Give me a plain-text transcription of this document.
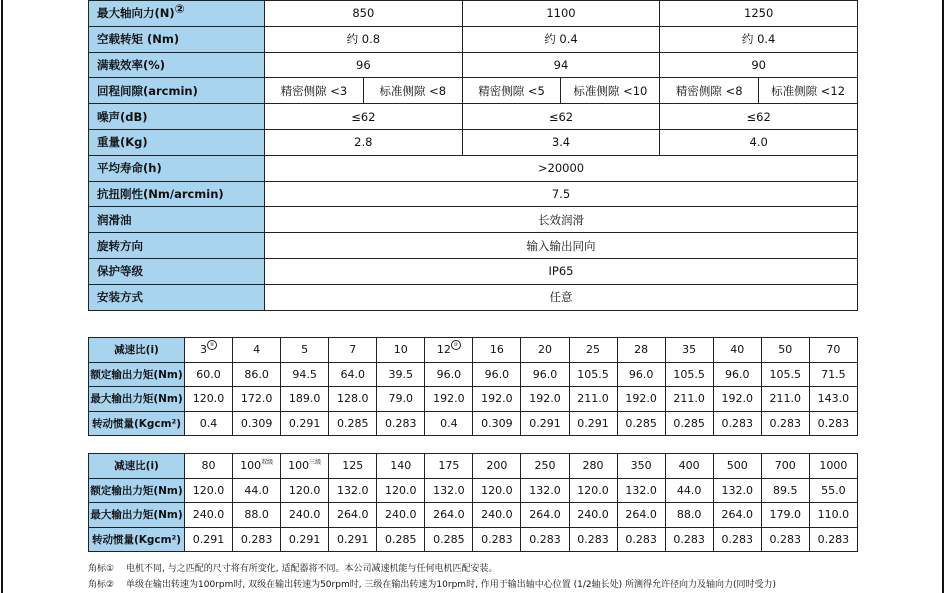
最大轴向力(N)②	850		1100		1250	
空载转矩 (Nm)	约 0.8		约 0.4		约 0.4	
满载效率(%)	96		94		90	
回程间隙(arcmin)	精密侧隙 <3	标准侧隙 <8	精密侧隙 <5	标准侧隙 <10	精密侧隙 <8	标准侧隙 <12
噪声(dB)	≤62		≤62		≤62	
重量(Kg)	2.8		3.4		4.0	
平均寿命(h)	>20000					
抗扭刚性(Nm/arcmin)	7.5					
润滑油	长效润滑					
旋转方向	输入输出同向					
保护等级	IP65					
安装方式	任意					
减速比(i)	3 ③	4	5	7	10	12 ③	16	20	25	28	35	40	50	70
额定输出力矩(Nm)	60.0	86.0	94.5	64.0	39.5	96.0	96.0	96.0	105.5	96.0	105.5	96.0	105.5	71.5
最大输出力矩(Nm)	120.0	172.0	189.0	128.0	79.0	192.0	192.0	192.0	211.0	192.0	211.0	192.0	211.0	143.0
转动惯量(Kgcm²)	0.4	0.309	0.291	0.285	0.283	0.4	0.309	0.291	0.291	0.285	0.285	0.283	0.283	0.283
减速比(i)	80	$100^{双级}$	$100^{三级}$	125	140	175	200	250	280	350	400	500	700	1000
额定输出力矩(Nm)	120.0	44.0	120.0	132.0	120.0	132.0	120.0	132.0	120.0	132.0	44.0	132.0	89.5	55.0
最大输出力矩(Nm)	240.0	88.0	240.0	264.0	240.0	264.0	240.0	264.0	240.0	264.0	88.0	264.0	179.0	110.0
转动惯量(Kgcm²)	0.291	0.283	0.291	0.291	0.285	0.285	0.283	0.283	0.283	0.283	0.283	0.283	0.283	0.283
角标① 电机不同, 与之匹配的尺寸将有所变化, 适配器将不同。本公司减速机能与任何电机匹配安装。
角标② 单级在输出转速为100rpm时, 双级在输出转速为50rpm时, 三级在输出转速为10rpm时, 作用于输出轴中心位置 (1/2轴长处) 所测得允许径向力及轴向力(同时受力)
